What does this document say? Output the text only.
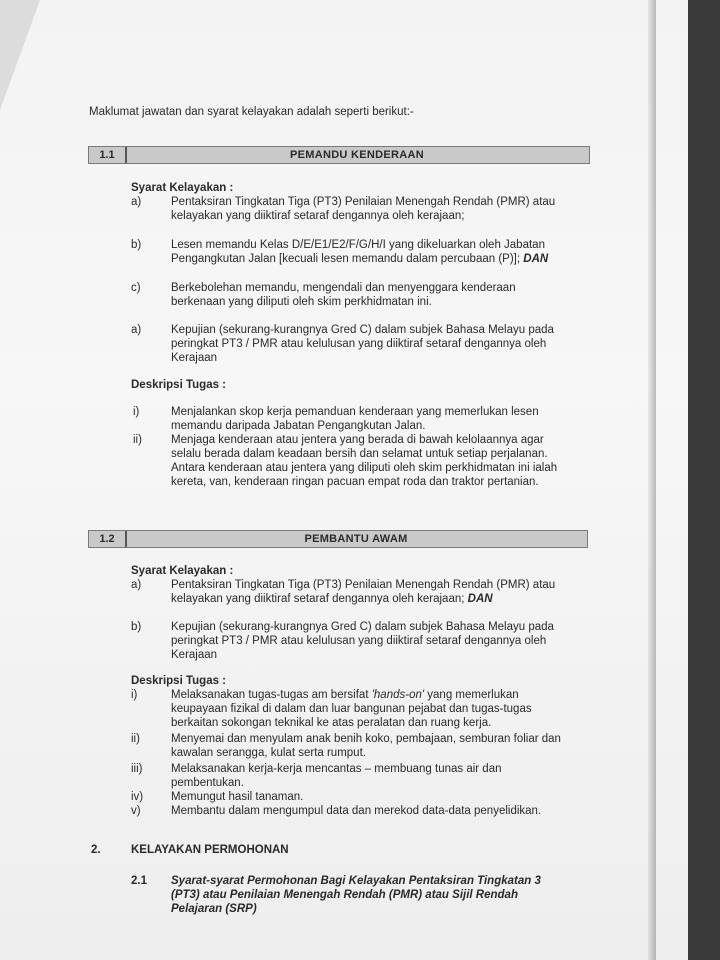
Maklumat jawatan dan syarat kelayakan adalah seperti berikut:-
1.1	PEMANDU KENDERAAN
Syarat Kelayakan :
a)	Pentaksiran Tingkatan Tiga (PT3) Penilaian Menengah Rendah (PMR) atau
kelayakan yang diiktiraf setaraf dengannya oleh kerajaan;
b)	Lesen memandu Kelas D/E/E1/E2/F/G/H/I yang dikeluarkan oleh Jabatan
Pengangkutan Jalan [kecuali lesen memandu dalam percubaan (P)]; DAN
c)	Berkebolehan memandu, mengendali dan menyenggara kenderaan
berkenaan yang diliputi oleh skim perkhidmatan ini.
a)	Kepujian (sekurang-kurangnya Gred C) dalam subjek Bahasa Melayu pada
peringkat PT3 / PMR atau kelulusan yang diiktiraf setaraf dengannya oleh
Kerajaan
Deskripsi Tugas :
i)	Menjalankan skop kerja pemanduan kenderaan yang memerlukan lesen
memandu daripada Jabatan Pengangkutan Jalan.
ii)	Menjaga kenderaan atau jentera yang berada di bawah kelolaannya agar
selalu berada dalam keadaan bersih dan selamat untuk setiap perjalanan.
Antara kenderaan atau jentera yang diliputi oleh skim perkhidmatan ini ialah
kereta, van, kenderaan ringan pacuan empat roda dan traktor pertanian.
1.2	PEMBANTU AWAM
Syarat Kelayakan :
a)	Pentaksiran Tingkatan Tiga (PT3) Penilaian Menengah Rendah (PMR) atau
kelayakan yang diiktiraf setaraf dengannya oleh kerajaan; DAN
b)	Kepujian (sekurang-kurangnya Gred C) dalam subjek Bahasa Melayu pada
peringkat PT3 / PMR atau kelulusan yang diiktiraf setaraf dengannya oleh
Kerajaan
Deskripsi Tugas :
i)	Melaksanakan tugas-tugas am bersifat 'hands-on' yang memerlukan
keupayaan fizikal di dalam dan luar bangunan pejabat dan tugas-tugas
berkaitan sokongan teknikal ke atas peralatan dan ruang kerja.
ii)	Menyemai dan menyulam anak benih koko, pembajaan, semburan foliar dan
kawalan serangga, kulat serta rumput.
iii) Melaksanakan kerja-kerja mencantas – membuang tunas air dan
pembentukan.
iv) Memungut hasil tanaman.
v)	Membantu dalam mengumpul data dan merekod data-data penyelidikan.
2.	KELAYAKAN PERMOHONAN
2.1 Syarat-syarat Permohonan Bagi Kelayakan Pentaksiran Tingkatan 3
(PT3) atau Penilaian Menengah Rendah (PMR) atau Sijil Rendah
Pelajaran (SRP)
